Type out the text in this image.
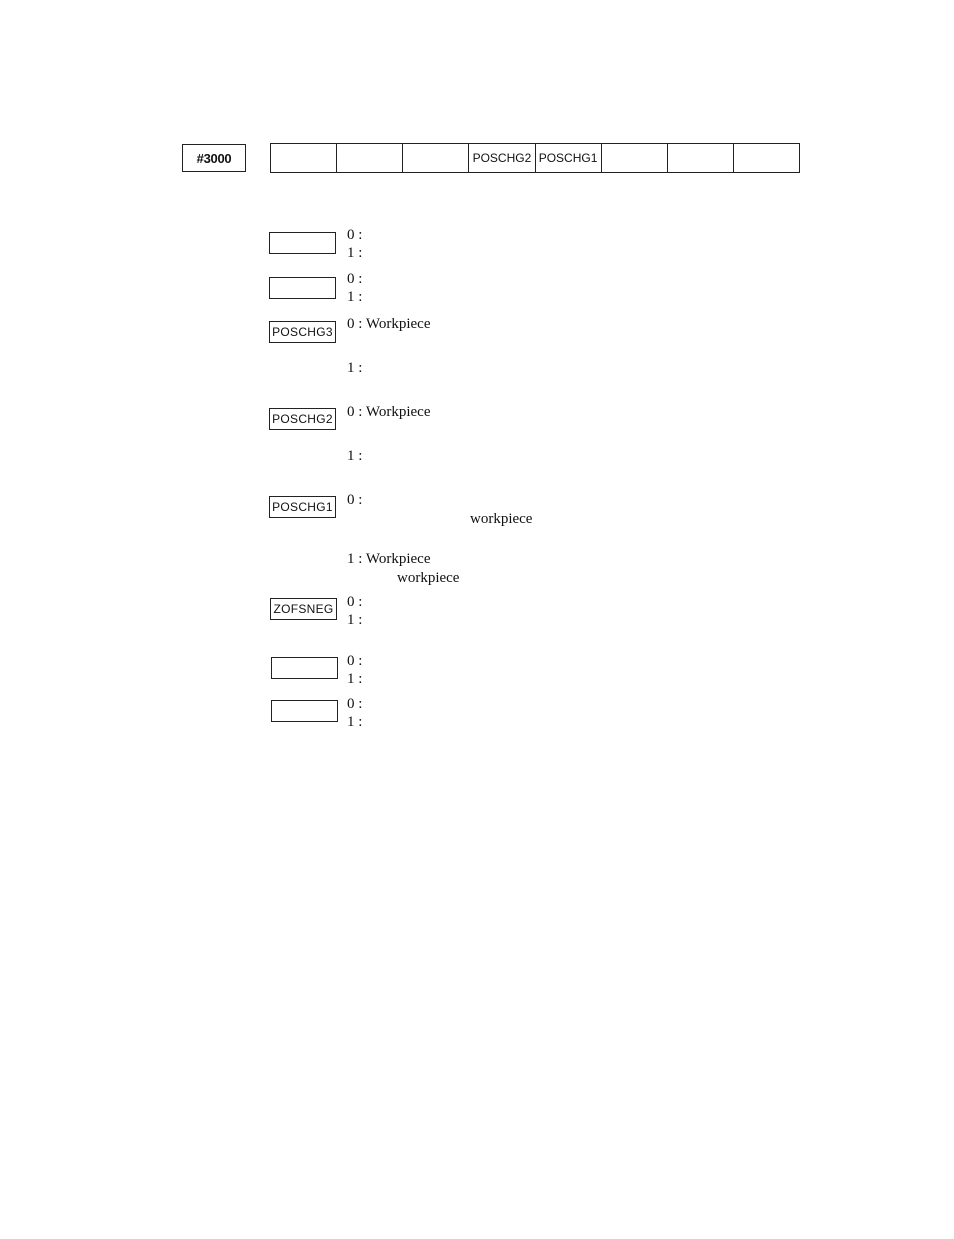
#3000	POSCHG2 POSCHG1
0 :
1 :
0 :
1 :
POSCHG3 0 : Workpiece
1 :
POSCHG2 0 : Workpiece
1 :
POSCHG1 0 :
workpiece
1 : Workpiece
workpiece
ZOFSNEG 0 :
1 :
0 :
1 :
0 :
1 :
